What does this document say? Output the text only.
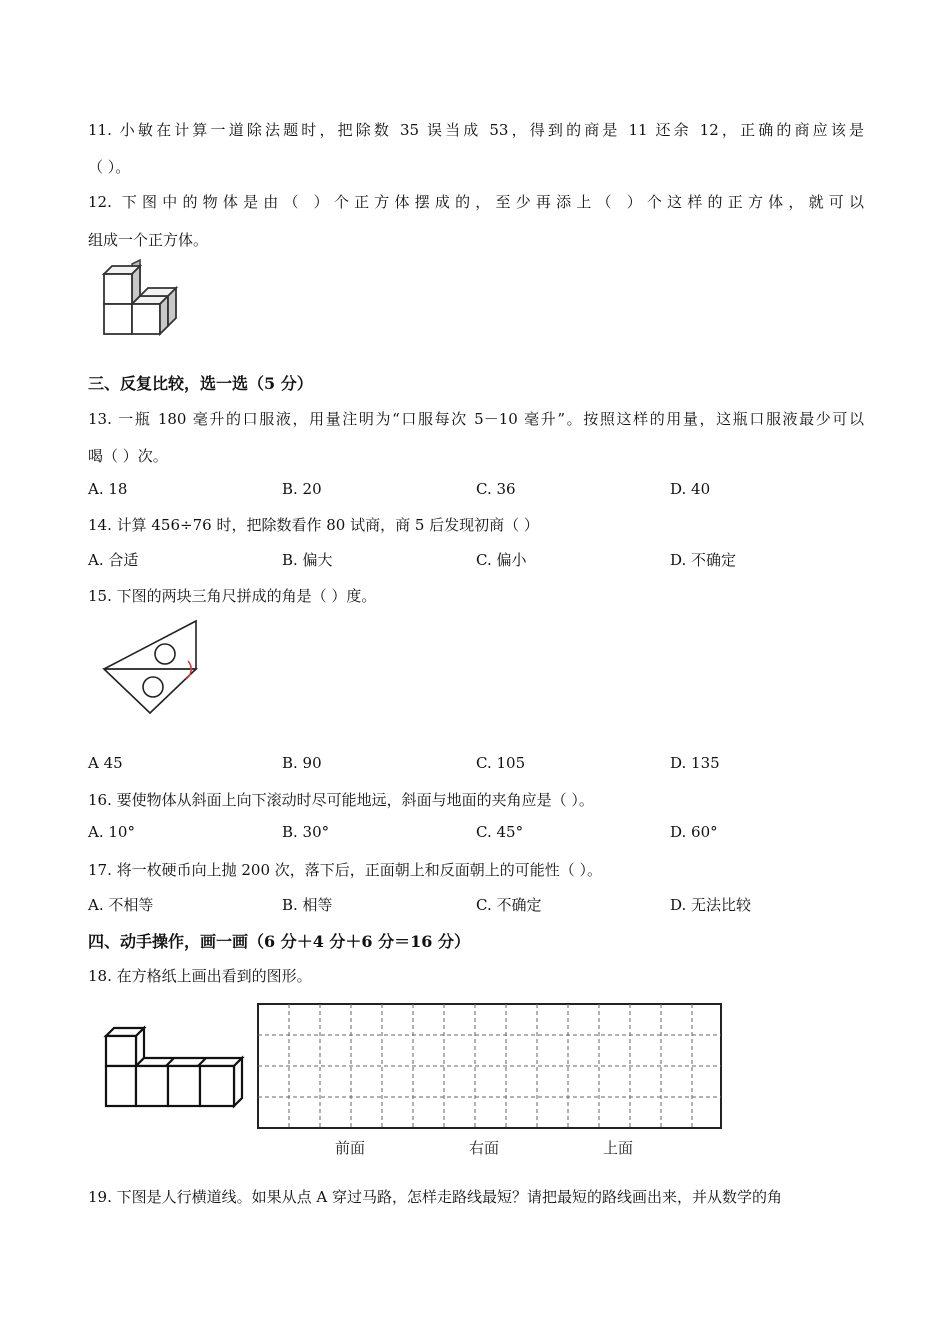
11. 小敏在计算一道除法题时，把除数 35 误当成 53，得到的商是 11 还余 12，正确的商应该是
（ ）。
12. 下图中的物体是由（ ）个正方体摆成的，至少再添上（ ）个这样的正方体，就可以
组成一个正方体。
三、反复比较，选一选（5 分）
13. 一瓶 180 毫升的口服液，用量注明为“口服每次 5－10 毫升”。按照这样的用量，这瓶口服液最少可以
喝（ ）次。
A. 18	B. 20	C. 36	D. 40
14. 计算 456÷76 时，把除数看作 80 试商，商 5 后发现初商（ ）
A. 合适	B. 偏大	C. 偏小	D. 不确定
15. 下图的两块三角尺拼成的角是（ ）度。
A 45	B. 90	C. 105	D. 135
16. 要使物体从斜面上向下滚动时尽可能地远，斜面与地面的夹角应是（ ）。
A. 10°	B. 30°	C. 45°	D. 60°
17. 将一枚硬币向上抛 200 次，落下后，正面朝上和反面朝上的可能性（ ）。
A. 不相等	B. 相等	C. 不确定	D. 无法比较
四、动手操作，画一画（6 分＋4 分＋6 分＝16 分）
18. 在方格纸上画出看到的图形。
前面	右面	上面
19. 下图是人行横道线。如果从点 A 穿过马路，怎样走路线最短？请把最短的路线画出来，并从数学的角
